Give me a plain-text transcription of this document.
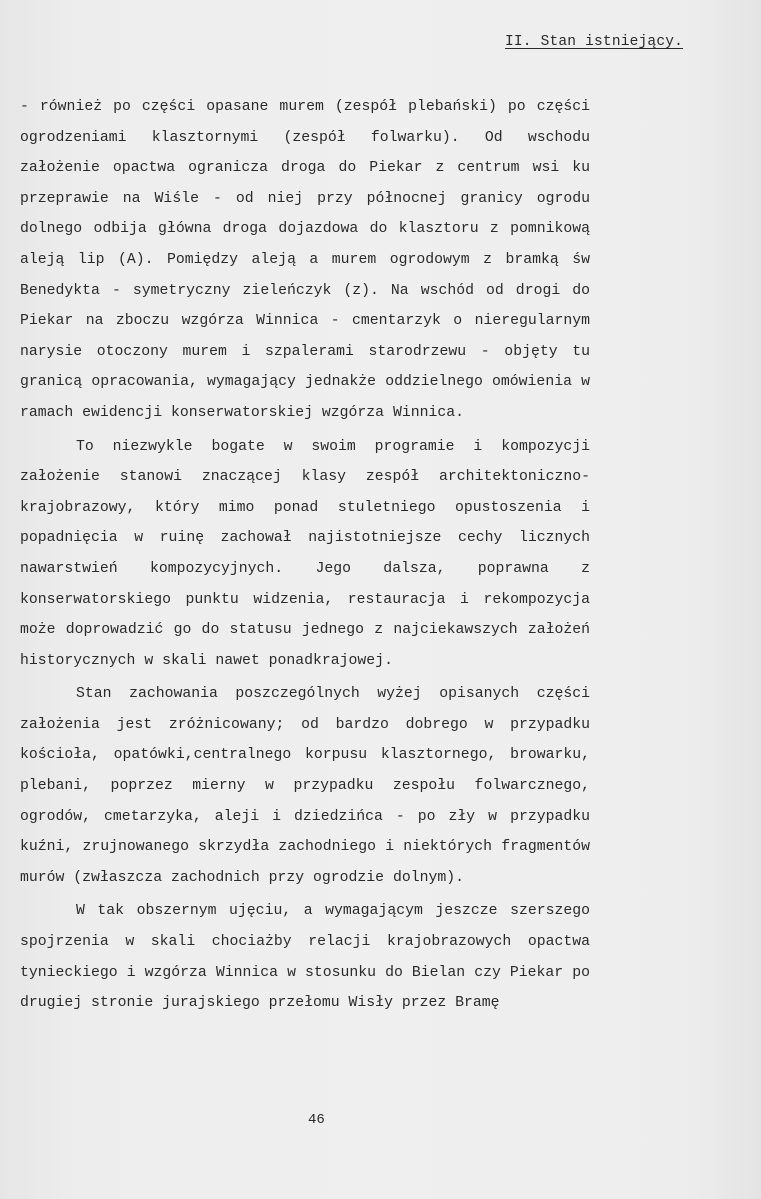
II. Stan istniejący.

- również po części opasane murem (zespół plebański) po części ogrodzeniami klasztornymi (zespół folwarku). Od wschodu założenie opactwa ogranicza droga do Piekar z centrum wsi ku przeprawie na Wiśle - od niej przy północnej granicy ogrodu dolnego odbija główna droga dojazdowa do klasztoru z pomnikową aleją lip (A). Pomiędzy aleją a murem ogrodowym z bramką św Benedykta - symetryczny zieleńczyk (z). Na wschód od drogi do Piekar na zboczu wzgórza Winnica - cmentarzyk o nieregularnym narysie otoczony murem i szpalerami starodrzewu - objęty tu granicą opracowania, wymagający jednakże oddzielnego omówienia w ramach ewidencji konserwatorskiej wzgórza Winnica.

To niezwykle bogate w swoim programie i kompozycji założenie stanowi znaczącej klasy zespół architektoniczno-krajobrazowy, który mimo ponad stuletniego opustoszenia i popadnięcia w ruinę zachował najistotniejsze cechy licznych nawarstwień kompozycyjnych. Jego dalsza, poprawna z konserwatorskiego punktu widzenia, restauracja i rekompozycja może doprowadzić go do statusu jednego z najciekawszych założeń historycznych w skali nawet ponadkrajowej.

Stan zachowania poszczególnych wyżej opisanych części założenia jest zróżnicowany; od bardzo dobrego w przypadku kościoła, opatówki,centralnego korpusu klasztornego, browarku, plebani, poprzez mierny w przypadku zespołu folwarcznego, ogrodów, cmetarzyka, aleji i dziedzińca - po zły w przypadku kuźni, zrujnowanego skrzydła zachodniego i niektórych fragmentów murów (zwłaszcza zachodnich przy ogrodzie dolnym).

W tak obszernym ujęciu, a wymagającym jeszcze szerszego spojrzenia w skali chociażby relacji krajobrazowych opactwa tynieckiego i wzgórza Winnica w stosunku do Bielan czy Piekar po drugiej stronie jurajskiego przełomu Wisły przez Bramę

46
